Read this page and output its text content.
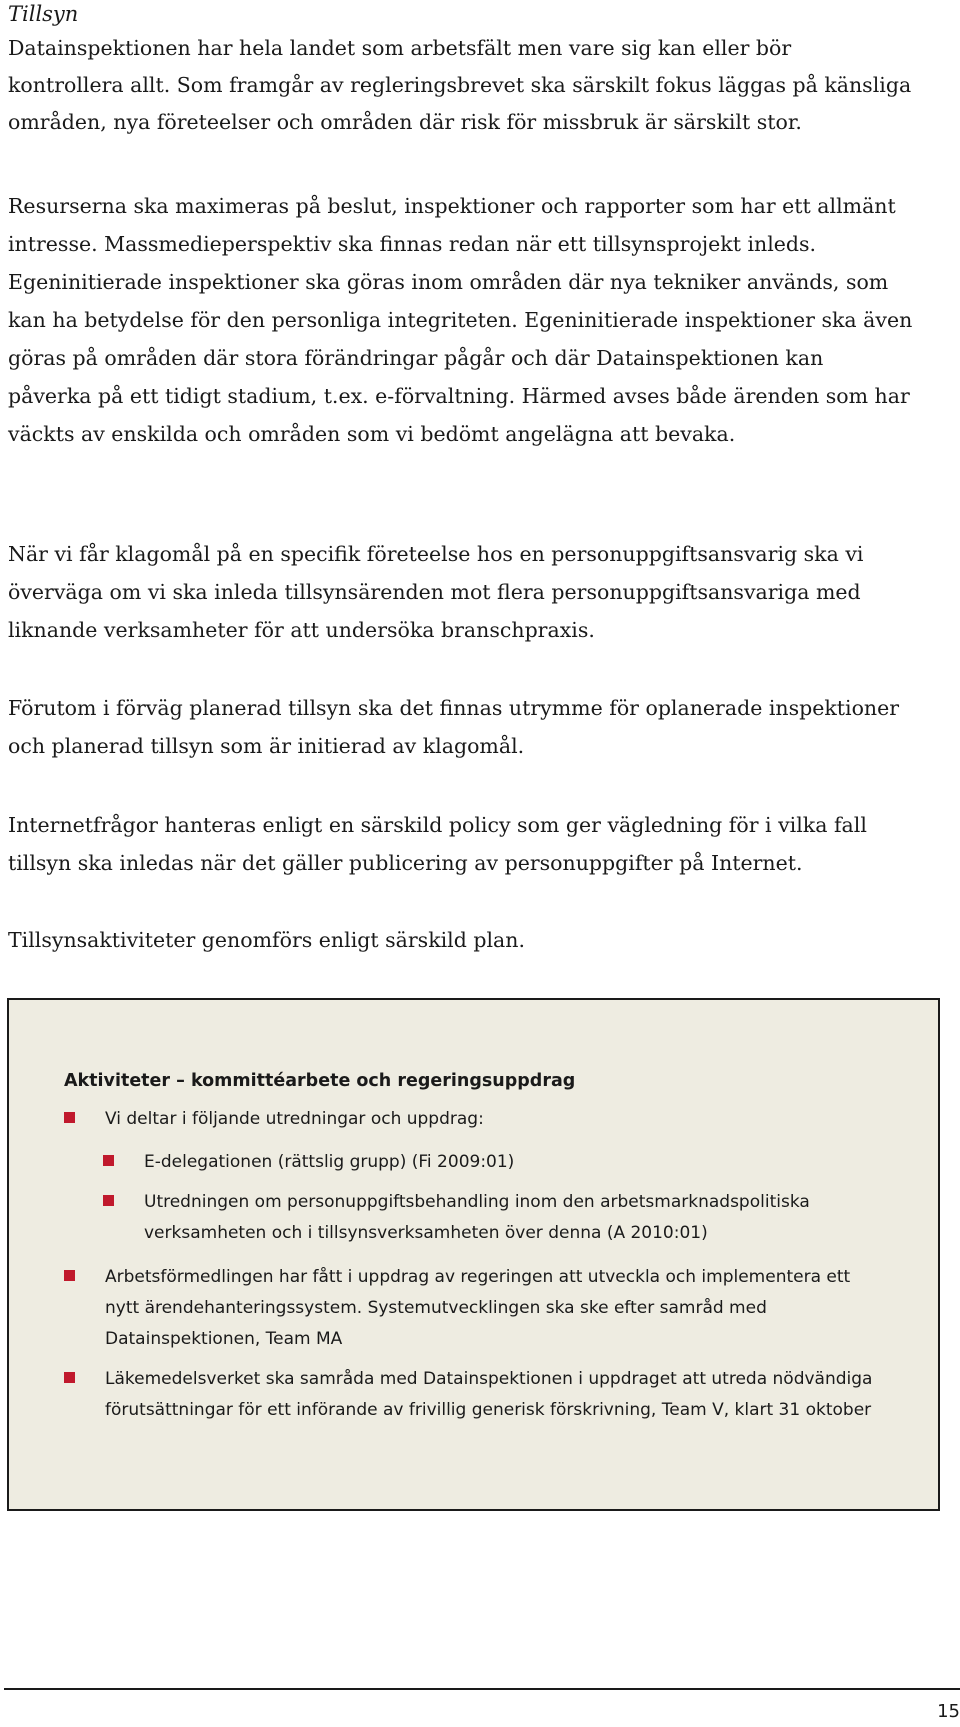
Tillsyn

Datainspektionen har hela landet som arbetsfält men vare sig kan eller bör kontrollera allt. Som framgår av regleringsbrevet ska särskilt fokus läggas på känsliga områden, nya företeelser och områden där risk för missbruk är särskilt stor.

Resurserna ska maximeras på beslut, inspektioner och rapporter som har ett allmänt intresse. Massmedieperspektiv ska finnas redan när ett tillsynsprojekt inleds. Egeninitierade inspektioner ska göras inom områden där nya tekniker används, som kan ha betydelse för den personliga integriteten. Egeninitierade inspektioner ska även göras på områden där stora förändringar pågår och där Datainspektionen kan påverka på ett tidigt stadium, t.ex. e-förvaltning. Härmed avses både ärenden som har väckts av enskilda och områden som vi bedömt angelägna att bevaka.

När vi får klagomål på en specifik företeelse hos en personuppgiftsansvarig ska vi överväga om vi ska inleda tillsynsärenden mot flera personuppgiftsansvariga med liknande verksamheter för att undersöka branschpraxis.

Förutom i förväg planerad tillsyn ska det finnas utrymme för oplanerade inspektioner och planerad tillsyn som är initierad av klagomål.

Internetfrågor hanteras enligt en särskild policy som ger vägledning för i vilka fall tillsyn ska inledas när det gäller publicering av personuppgifter på Internet.

Tillsynsaktiviteter genomförs enligt särskild plan.

Aktiviteter – kommittéarbete och regeringsuppdrag

Vi deltar i följande utredningar och uppdrag:
E-delegationen (rättslig grupp) (Fi 2009:01)
Utredningen om personuppgiftsbehandling inom den arbetsmarknadspolitiska verksamheten och i tillsynsverksamheten över denna (A 2010:01)
Arbetsförmedlingen har fått i uppdrag av regeringen att utveckla och implementera ett nytt ärendehanteringssystem. Systemutvecklingen ska ske efter samråd med Datainspektionen, Team MA
Läkemedelsverket ska samråda med Datainspektionen i uppdraget att utreda nödvändiga förutsättningar för ett införande av frivillig generisk förskrivning, Team V, klart 31 oktober
15
